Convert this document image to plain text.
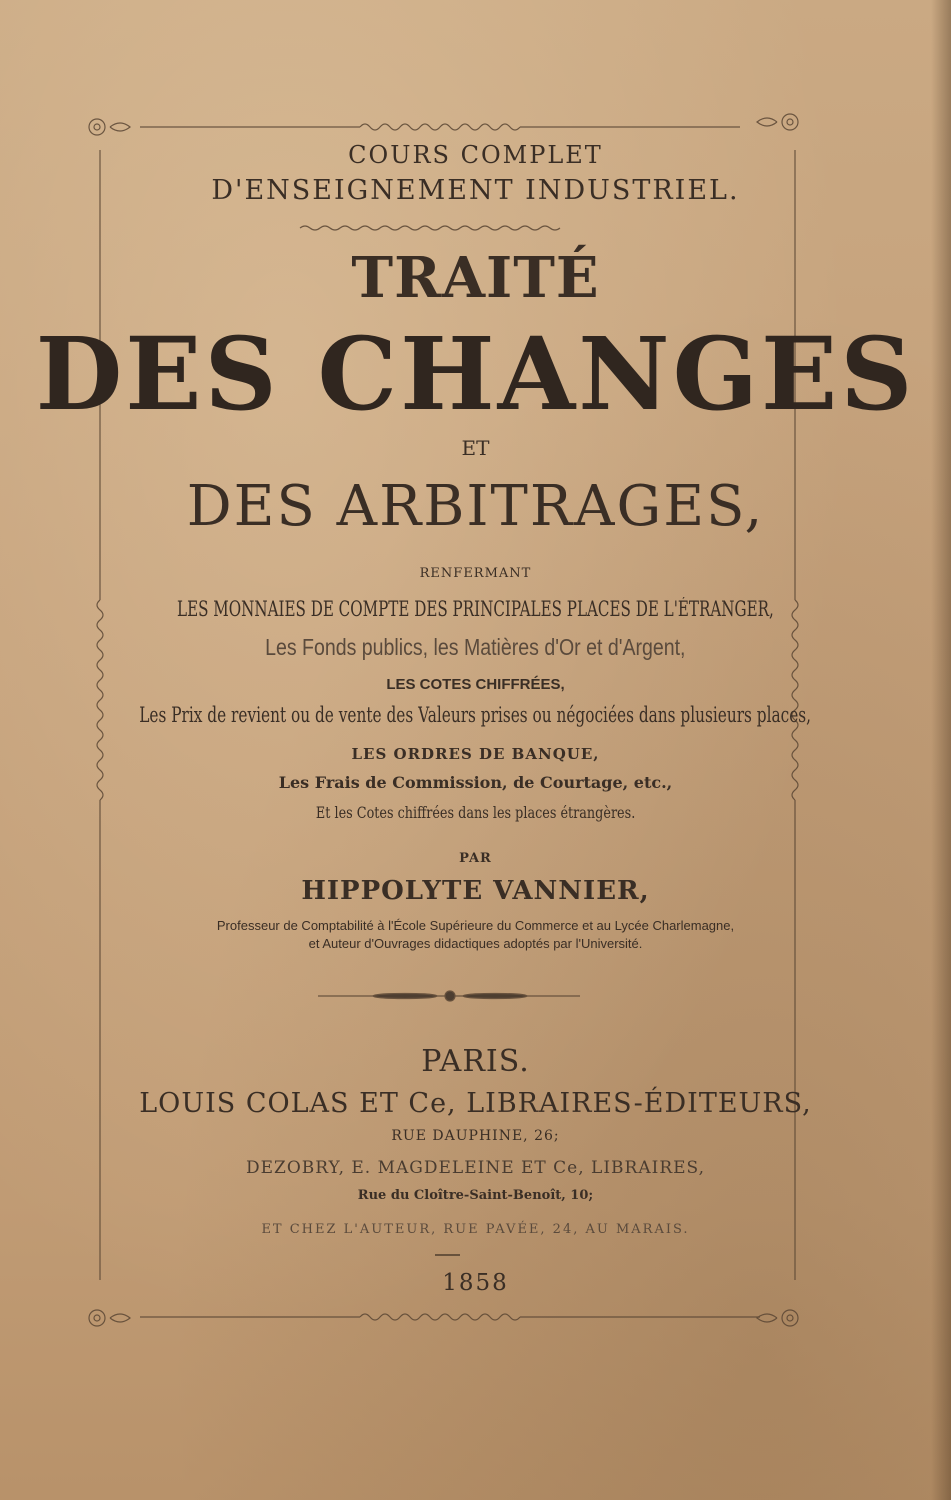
COURS COMPLET
D'ENSEIGNEMENT INDUSTRIEL.
TRAITÉ
DES CHANGES
ET
DES ARBITRAGES,
RENFERMANT
LES MONNAIES DE COMPTE DES PRINCIPALES PLACES DE L'ÉTRANGER,
Les Fonds publics, les Matières d'Or et d'Argent,
LES COTES CHIFFRÉES,
Les Prix de revient ou de vente des Valeurs prises ou négociées dans plusieurs places,
LES ORDRES DE BANQUE,
Les Frais de Commission, de Courtage, etc.,
Et les Cotes chiffrées dans les places étrangères.
PAR
HIPPOLYTE VANNIER,
Professeur de Comptabilité à l'École Supérieure du Commerce et au Lycée Charlemagne,
et Auteur d'Ouvrages didactiques adoptés par l'Université.
PARIS.
LOUIS COLAS ET Ce, LIBRAIRES-ÉDITEURS,
RUE DAUPHINE, 26;
DEZOBRY, E. MAGDELEINE ET Ce, LIBRAIRES,
Rue du Cloître-Saint-Benoît, 10;
ET CHEZ L'AUTEUR, RUE PAVÉE, 24, AU MARAIS.
1858
